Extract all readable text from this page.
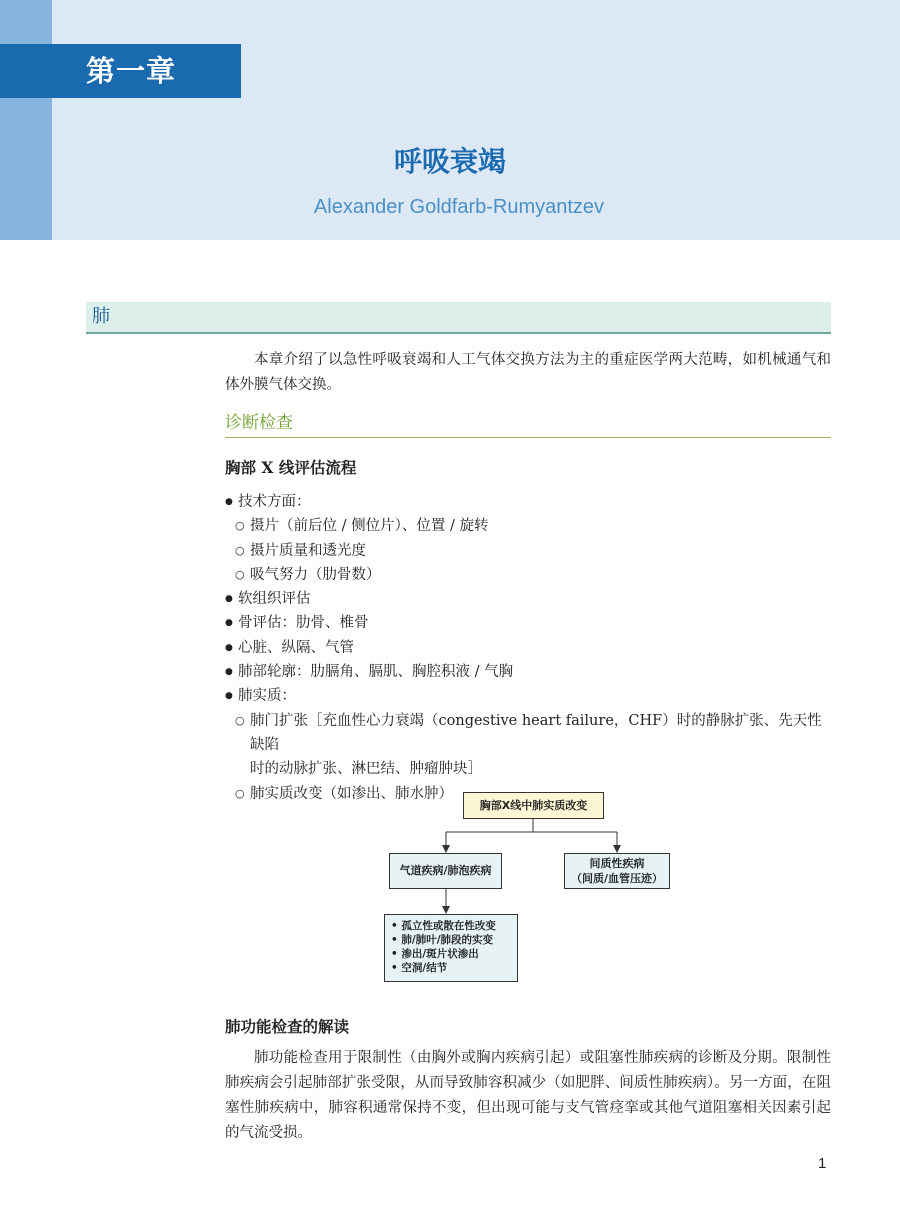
第一章
呼吸衰竭
Alexander Goldfarb-Rumyantzev
肺

本章介绍了以急性呼吸衰竭和人工气体交换方法为主的重症医学两大范畴，如机械通气和体外膜气体交换。

诊断检查
胸部 X 线评估流程
● 技术方面：
○ 摄片（前后位 / 侧位片）、位置 / 旋转
○ 摄片质量和透光度
○ 吸气努力（肋骨数）
● 软组织评估
● 骨评估：肋骨、椎骨
● 心脏、纵隔、气管
● 肺部轮廓：肋膈角、膈肌、胸腔积液 / 气胸
● 肺实质：
○ 肺门扩张［充血性心力衰竭（congestive heart failure，CHF）时的静脉扩张、先天性缺陷
时的动脉扩张、淋巴结、肿瘤肿块］
○ 肺实质改变（如渗出、肺水肿）
胸部X线中肺实质改变
气道疾病/肺泡疾病
间质性疾病
（间质/血管压迹）
• 孤立性或散在性改变
• 肺/肺叶/肺段的实变
• 渗出/斑片状渗出
• 空洞/结节
肺功能检查的解读

肺功能检查用于限制性（由胸外或胸内疾病引起）或阻塞性肺疾病的诊断及分期。限制性肺疾病会引起肺部扩张受限，从而导致肺容积减少（如肥胖、间质性肺疾病）。另一方面，在阻塞性肺疾病中，肺容积通常保持不变，但出现可能与支气管痉挛或其他气道阻塞相关因素引起的气流受损。

1
